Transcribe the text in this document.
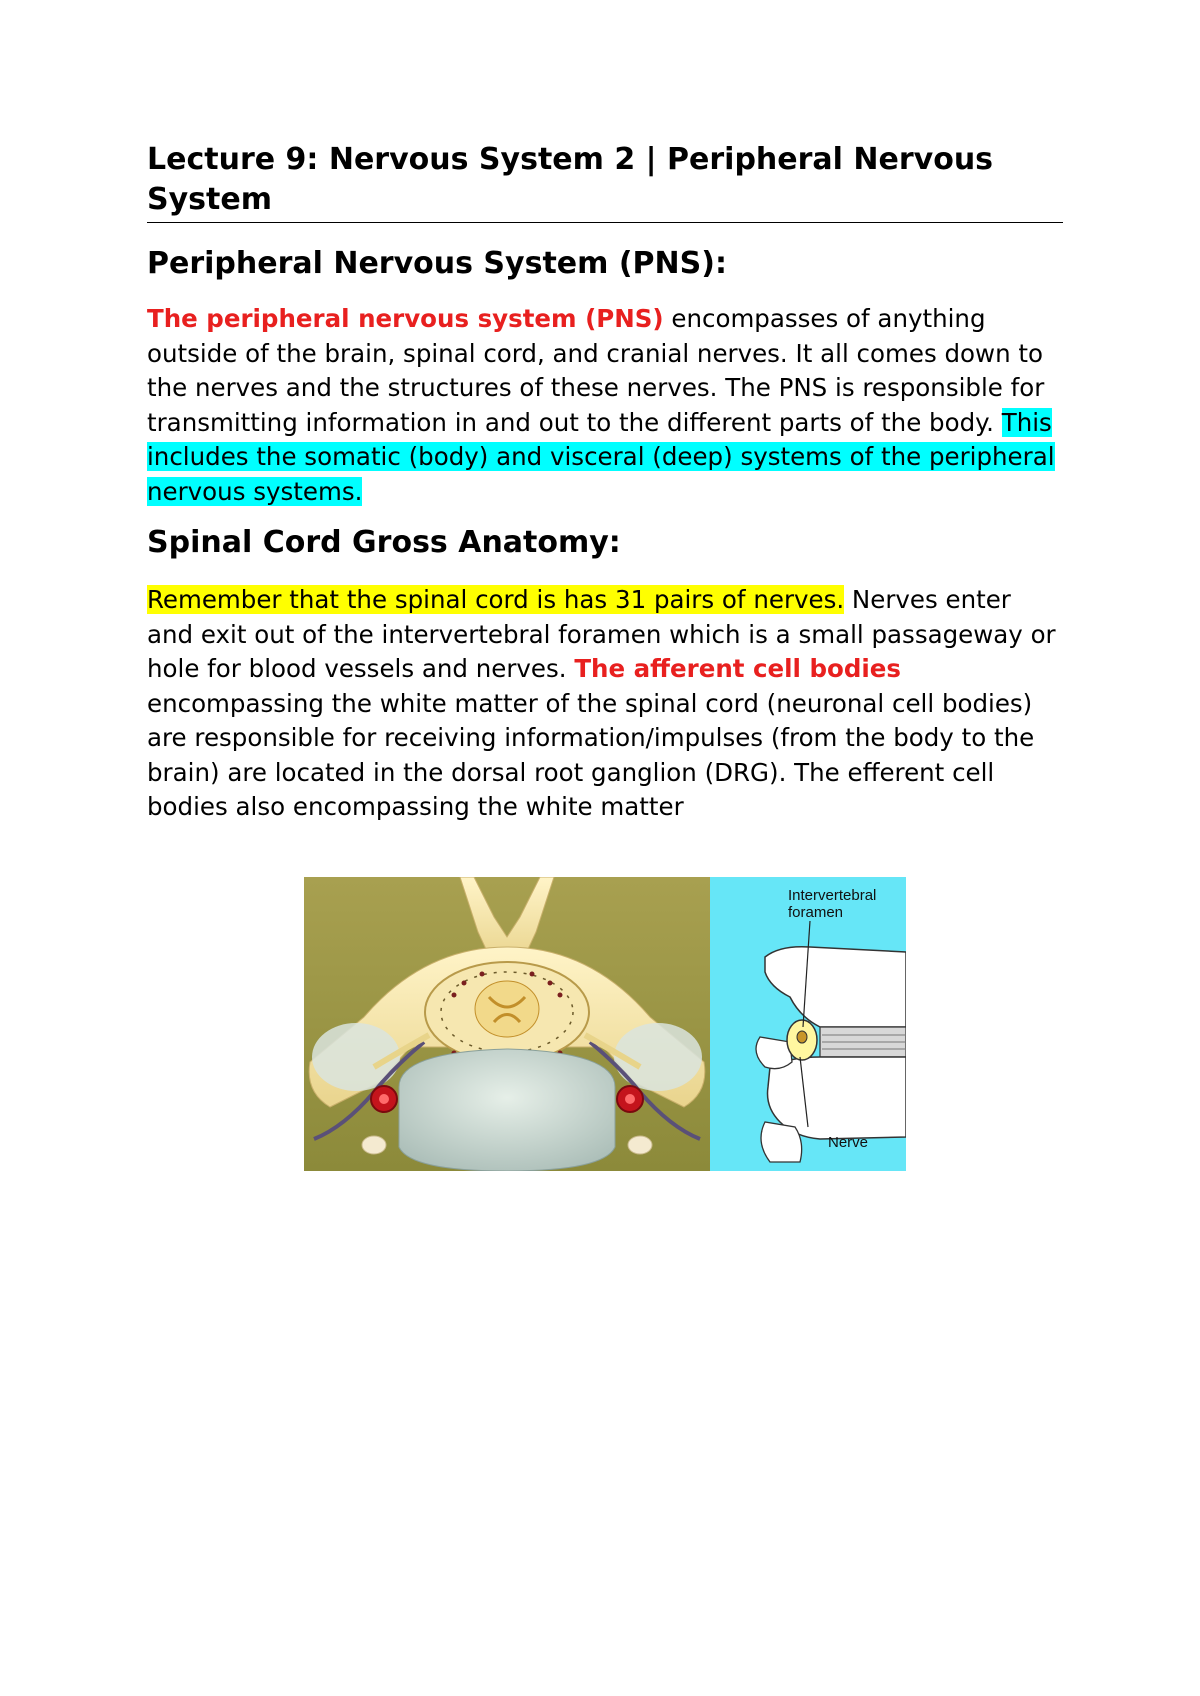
Lecture 9: Nervous System 2 | Peripheral Nervous System
Peripheral Nervous System (PNS):

The peripheral nervous system (PNS) encompasses of anything outside of the brain, spinal cord, and cranial nerves. It all comes down to the nerves and the structures of these nerves. The PNS is responsible for transmitting information in and out to the different parts of the body. This includes the somatic (body) and visceral (deep) systems of the peripheral nervous systems.

Spinal Cord Gross Anatomy:

Remember that the spinal cord is has 31 pairs of nerves. Nerves enter and exit out of the intervertebral foramen which is a small passageway or hole for blood vessels and nerves. The afferent cell bodies encompassing the white matter of the spinal cord (neuronal cell bodies) are responsible for receiving information/impulses (from the body to the brain) are located in the dorsal root ganglion (DRG). The efferent cell bodies also encompassing the white matter

Intervertebral foramen
Nerve
